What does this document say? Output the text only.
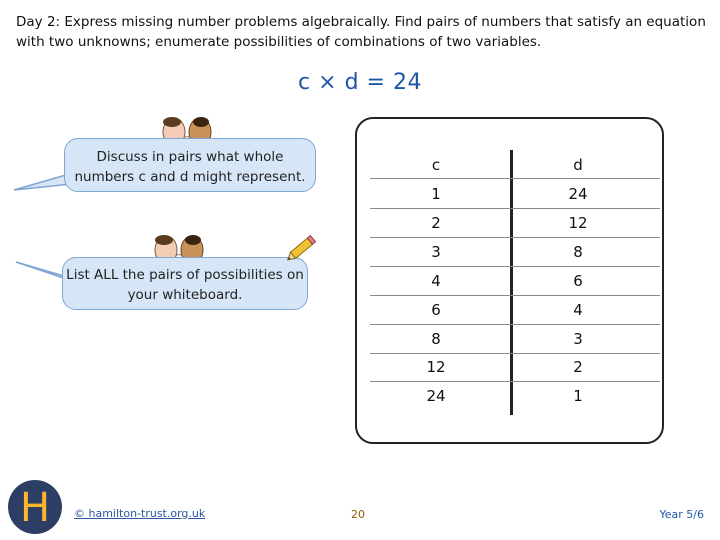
Day 2: Express missing number problems algebraically. Find pairs of numbers that satisfy an equation with two unknowns; enumerate possibilities of combinations of two variables.
c × d = 24
Discuss in pairs what whole numbers c and d might represent.
List ALL the pairs of possibilities on your whiteboard.
c	d
1	24
2	12
3	8
4	6
6	4
8	3
12	2
24	1
H © hamilton-trust.org.uk	20	Year 5/6
